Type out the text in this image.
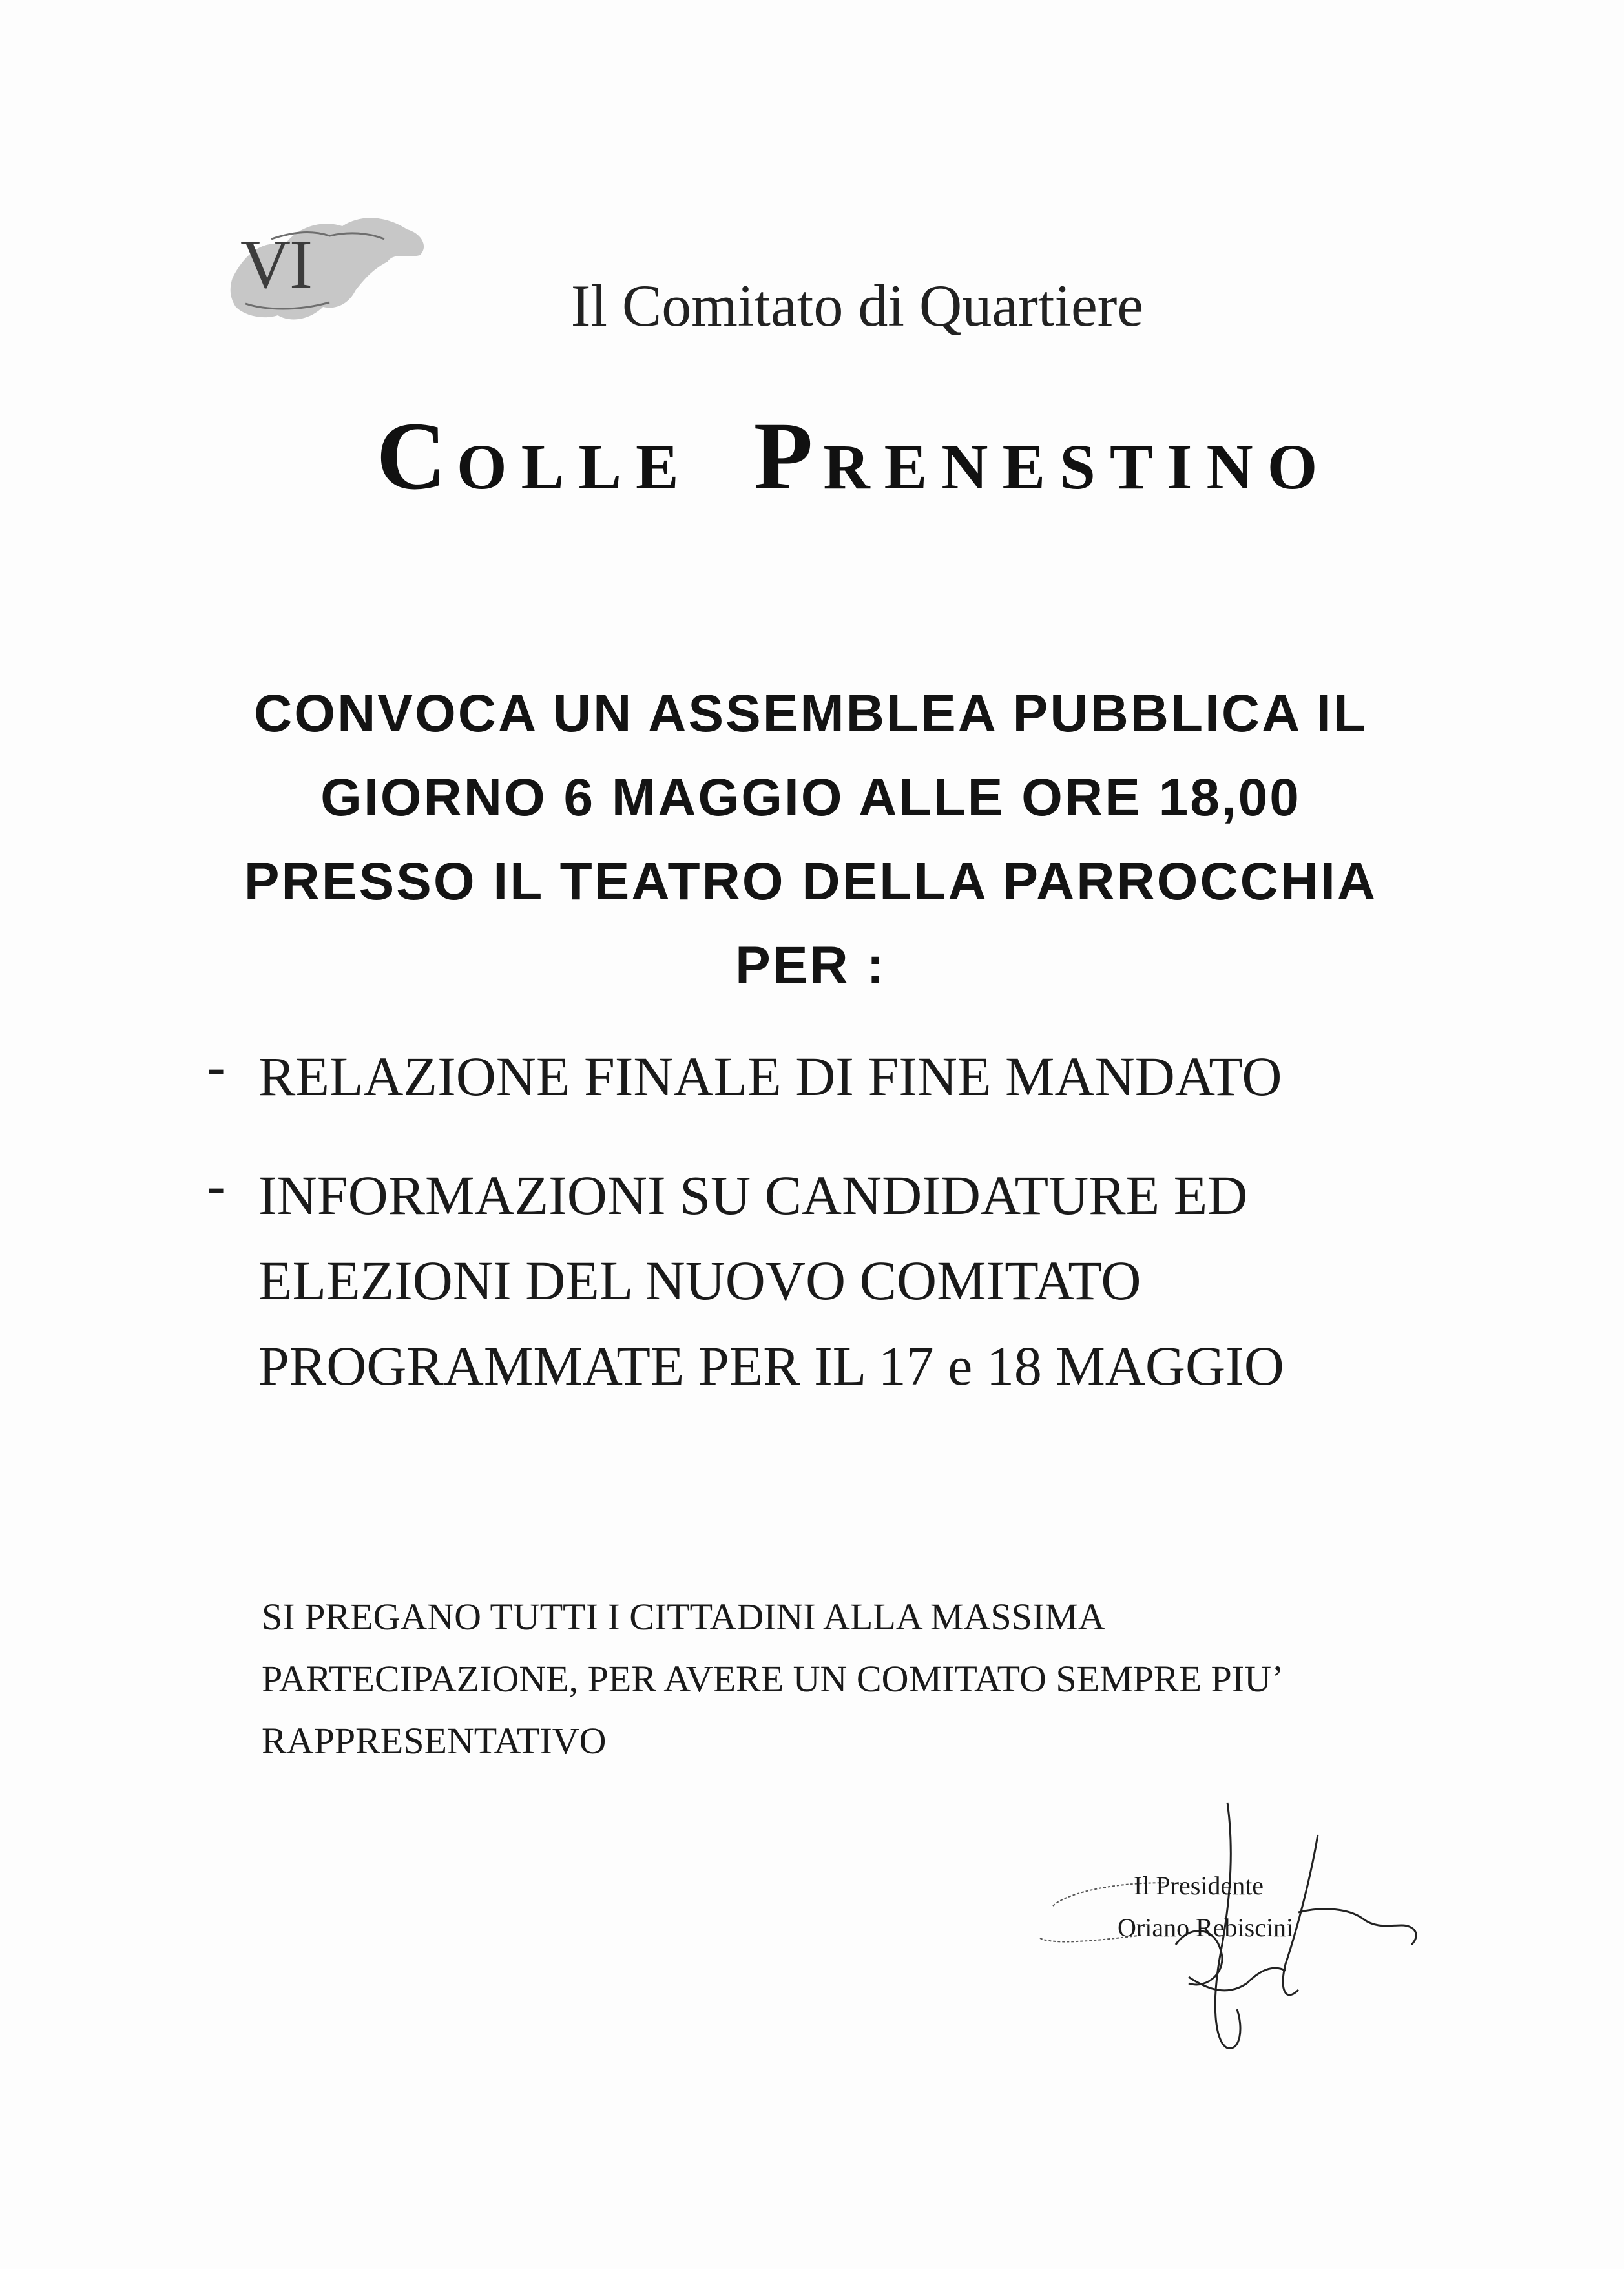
VI
Il Comitato di Quartiere
COLLE PRENESTINO
CONVOCA UN ASSEMBLEA PUBBLICA IL
GIORNO 6 MAGGIO ALLE ORE 18,00
PRESSO IL TEATRO DELLA PARROCCHIA
PER :
- RELAZIONE FINALE DI FINE MANDATO
- INFORMAZIONI SU CANDIDATURE ED
ELEZIONI DEL NUOVO COMITATO
PROGRAMMATE PER IL 17 e 18 MAGGIO
SI PREGANO TUTTI I CITTADINI ALLA MASSIMA
PARTECIPAZIONE, PER AVERE UN COMITATO SEMPRE PIU’
RAPPRESENTATIVO
Il Presidente
Oriano Rebiscini
